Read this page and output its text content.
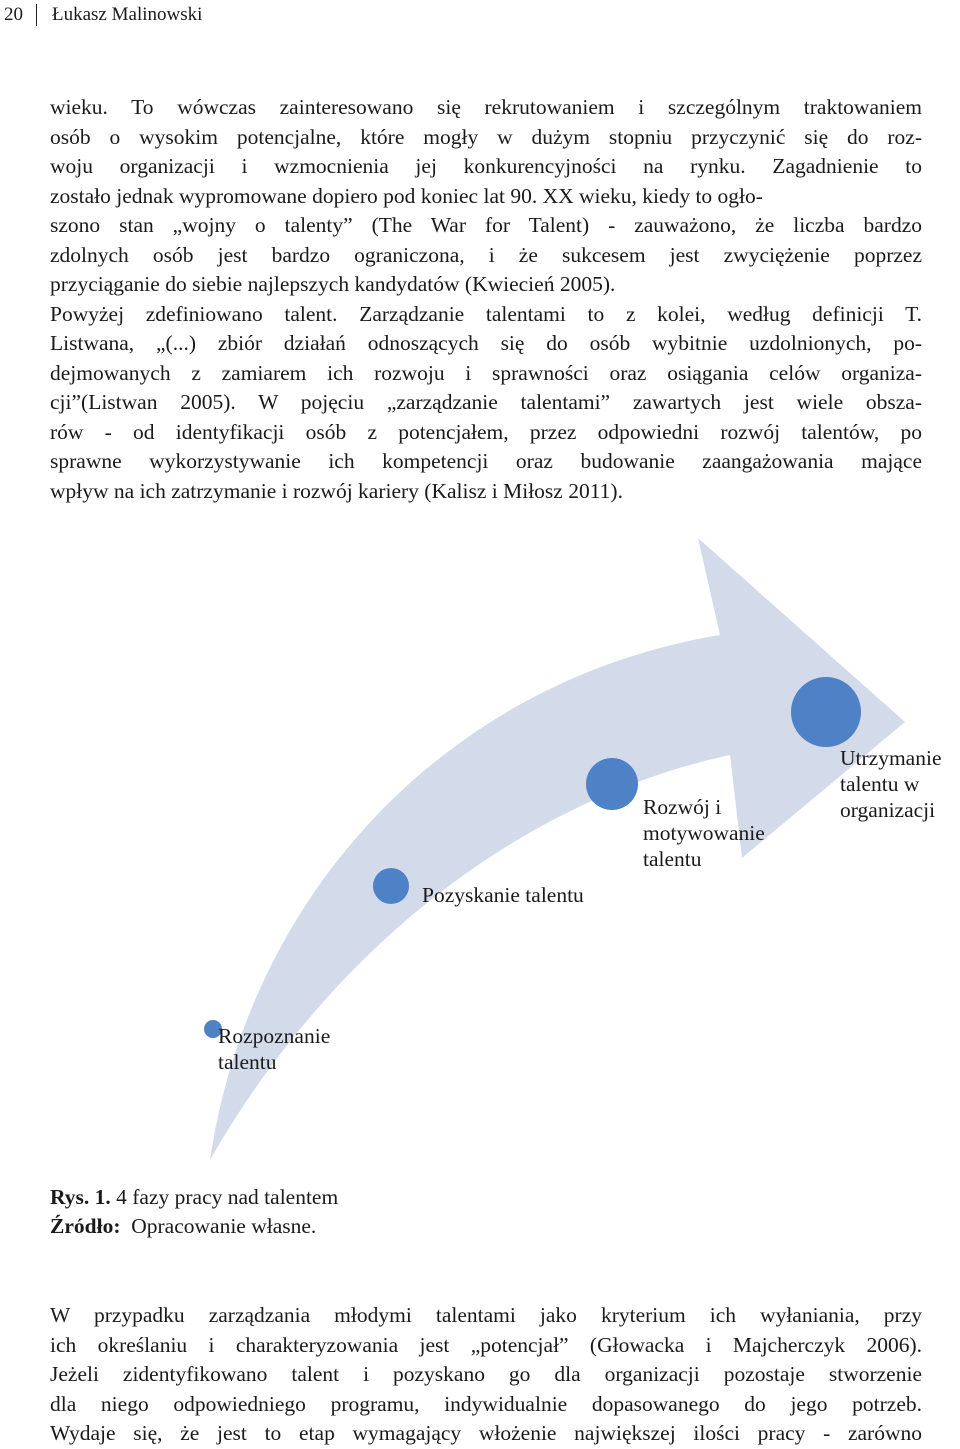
20 Łukasz Malinowski
wieku. To wówczas zainteresowano się rekrutowaniem i szczególnym traktowaniem
osób o wysokim potencjalne, które mogły w dużym stopniu przyczynić się do roz-
woju organizacji i wzmocnienia jej konkurencyjności na rynku. Zagadnienie to
zostało jednak wypromowane dopiero pod koniec lat 90. XX wieku, kiedy to ogło-
szono stan „wojny o talenty” (The War for Talent) - zauważono, że liczba bardzo
zdolnych osób jest bardzo ograniczona, i że sukcesem jest zwyciężenie poprzez
przyciąganie do siebie najlepszych kandydatów (Kwiecień 2005).
Powyżej zdefiniowano talent. Zarządzanie talentami to z kolei, według definicji T.
Listwana, „(...) zbiór działań odnoszących się do osób wybitnie uzdolnionych, po-
dejmowanych z zamiarem ich rozwoju i sprawności oraz osiągania celów organiza-
cji”(Listwan 2005). W pojęciu „zarządzanie talentami” zawartych jest wiele obsza-
rów - od identyfikacji osób z potencjałem, przez odpowiedni rozwój talentów, po
sprawne wykorzystywanie ich kompetencji oraz budowanie zaangażowania mające
wpływ na ich zatrzymanie i rozwój kariery (Kalisz i Miłosz 2011).
Rozpoznanie
talentu
Pozyskanie talentu
Rozwój i
motywowanie
talentu
Utrzymanie
talentu w
organizacji
Rys. 1. 4 fazy pracy nad talentem
Źródło:  Opracowanie własne.
W przypadku zarządzania młodymi talentami jako kryterium ich wyłaniania, przy
ich określaniu i charakteryzowania jest „potencjał” (Głowacka i Majcherczyk 2006).
Jeżeli zidentyfikowano talent i pozyskano go dla organizacji pozostaje stworzenie
dla niego odpowiedniego programu, indywidualnie dopasowanego do jego potrzeb.
Wydaje się, że jest to etap wymagający włożenie największej ilości pracy - zarówno
